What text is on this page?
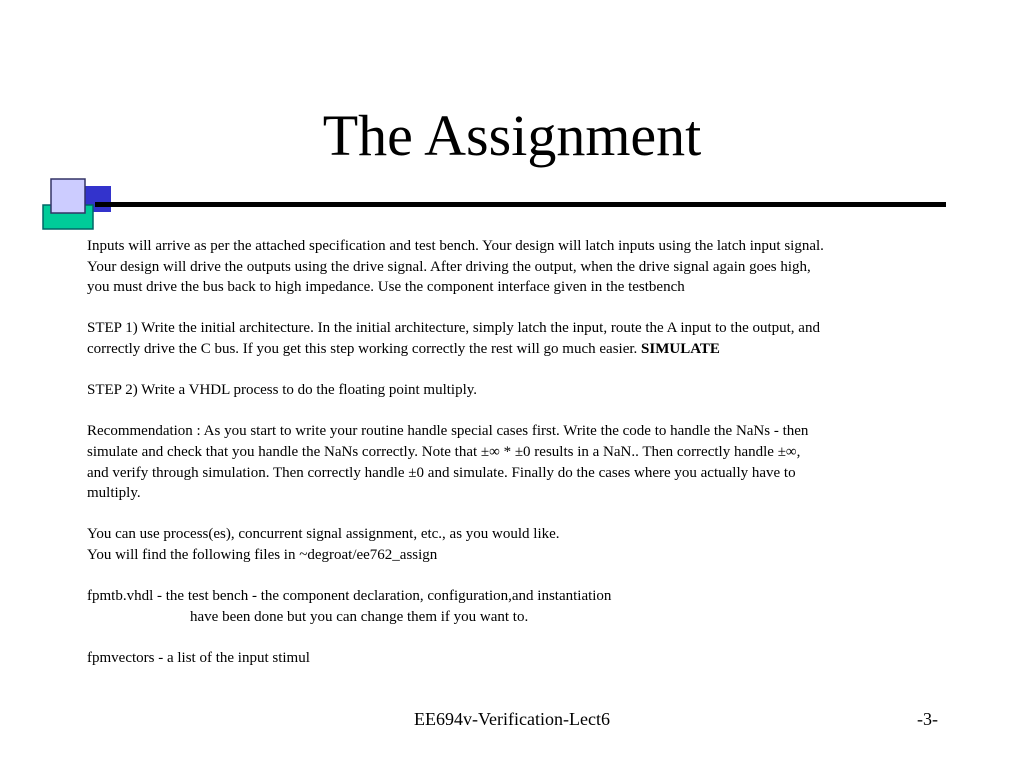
The Assignment

Inputs will arrive as per the attached specification and test bench. Your design will latch inputs using the latch input signal.
Your design will drive the outputs using the drive signal. After driving the output, when the drive signal again goes high,
you must drive the bus back to high impedance. Use the component interface given in the testbench

STEP 1) Write the initial architecture. In the initial architecture, simply latch the input, route the A input to the output, and
correctly drive the C bus. If you get this step working correctly the rest will go much easier. SIMULATE

STEP 2) Write a VHDL process to do the floating point multiply.

Recommendation : As you start to write your routine handle special cases first. Write the code to handle the NaNs - then
simulate and check that you handle the NaNs correctly. Note that ±∞ * ±0 results in a NaN.. Then correctly handle ±∞,
and verify through simulation. Then correctly handle ±0 and simulate. Finally do the cases where you actually have to
multiply.

You can use process(es), concurrent signal assignment, etc., as you would like.
You will find the following files in ~degroat/ee762_assign

fpmtb.vhdl - the test bench - the component declaration, configuration,and instantiation
have been done but you can change them if you want to.

fpmvectors - a list of the input stimul

EE694v-Verification-Lect6	-3-
